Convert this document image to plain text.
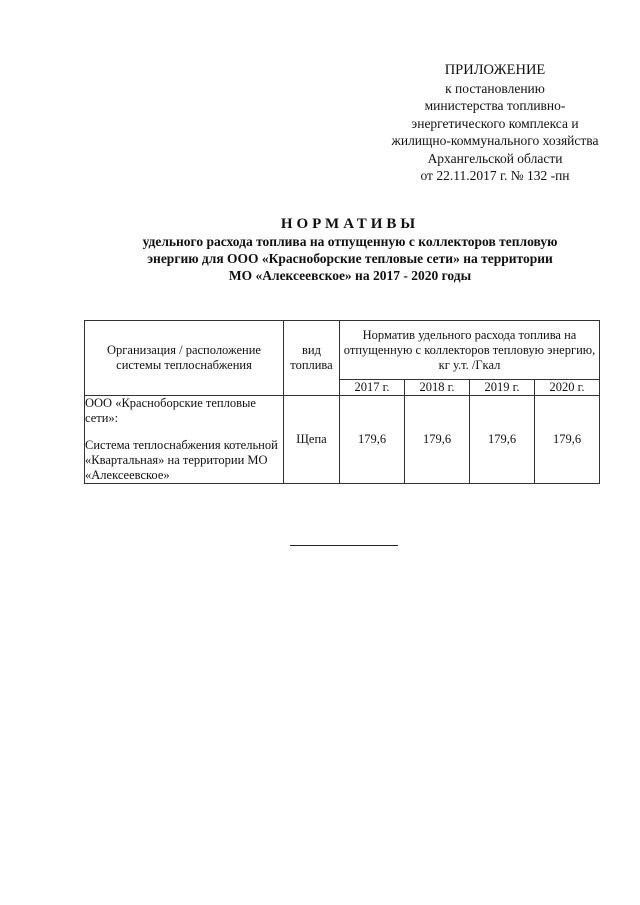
ПРИЛОЖЕНИЕ
к постановлению
министерства топливно-
энергетического комплекса и
жилищно-коммунального хозяйства
Архангельской области
от 22.11.2017 г. № 132 -пн
НОРМАТИВЫ
удельного расхода топлива на отпущенную с коллекторов тепловую
энергию для ООО «Красноборские тепловые сети» на территории
МО «Алексеевское» на 2017 - 2020 годы
Организация / расположение системы теплоснабжения	вид топлива	Норматив удельного расхода топлива на отпущенную с коллекторов тепловую энергию, кг у.т. /Гкал			
		2017 г.	2018 г.	2019 г.	2020 г.

ООО «Красноборские тепловые сети»:
Система теплоснабжения котельной «Квартальная» на территории МО «Алексеевское»	Щепа	179,6	179,6	179,6	179,6
